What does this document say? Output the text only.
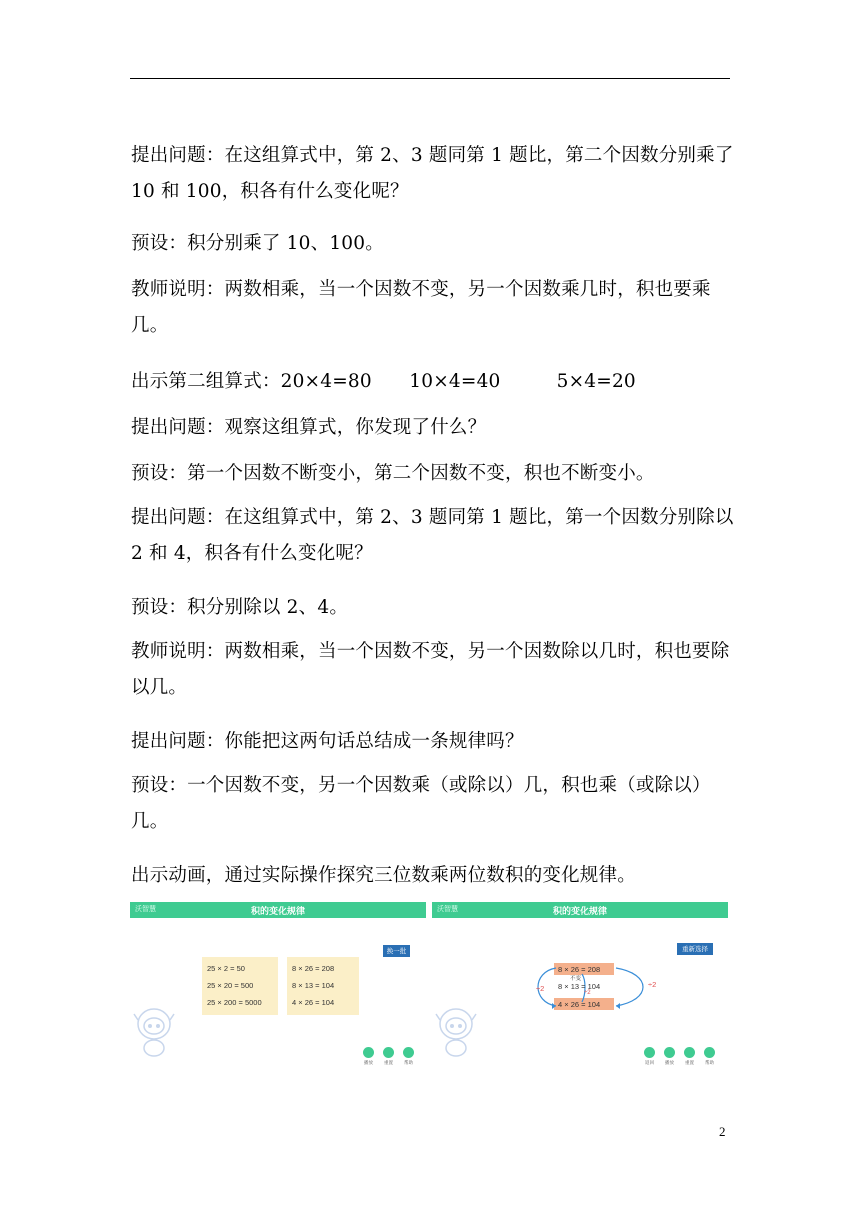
提出问题：在这组算式中，第 2、3 题同第 1 题比，第二个因数分别乘了 10 和 100，积各有什么变化呢？

预设：积分别乘了 10、100。

教师说明：两数相乘，当一个因数不变，另一个因数乘几时，积也要乘几。

出示第二组算式：20×4=80　　10×4=40　　　5×4=20

提出问题：观察这组算式，你发现了什么？

预设：第一个因数不断变小，第二个因数不变，积也不断变小。

提出问题：在这组算式中，第 2、3 题同第 1 题比，第一个因数分别除以 2 和 4，积各有什么变化呢？

预设：积分别除以 2、4。

教师说明：两数相乘，当一个因数不变，另一个因数除以几时，积也要除以几。

提出问题：你能把这两句话总结成一条规律吗？

预设：一个因数不变，另一个因数乘（或除以）几，积也乘（或除以）几。

出示动画，通过实际操作探究三位数乘两位数积的变化规律。

沃智慧	积的变化规律
25 × 2 = 50
25 × 20 = 500
25 × 200 = 5000
8 × 26 = 208
8 × 13 = 104
4 × 26 = 104
换一批
播放 重置 帮助
沃智慧	积的变化规律
8 × 26 = 208
8 × 13 = 104
4 × 26 = 104
不变
÷2	÷2
÷2
重新选择
返回 播放 重置 帮助
2
